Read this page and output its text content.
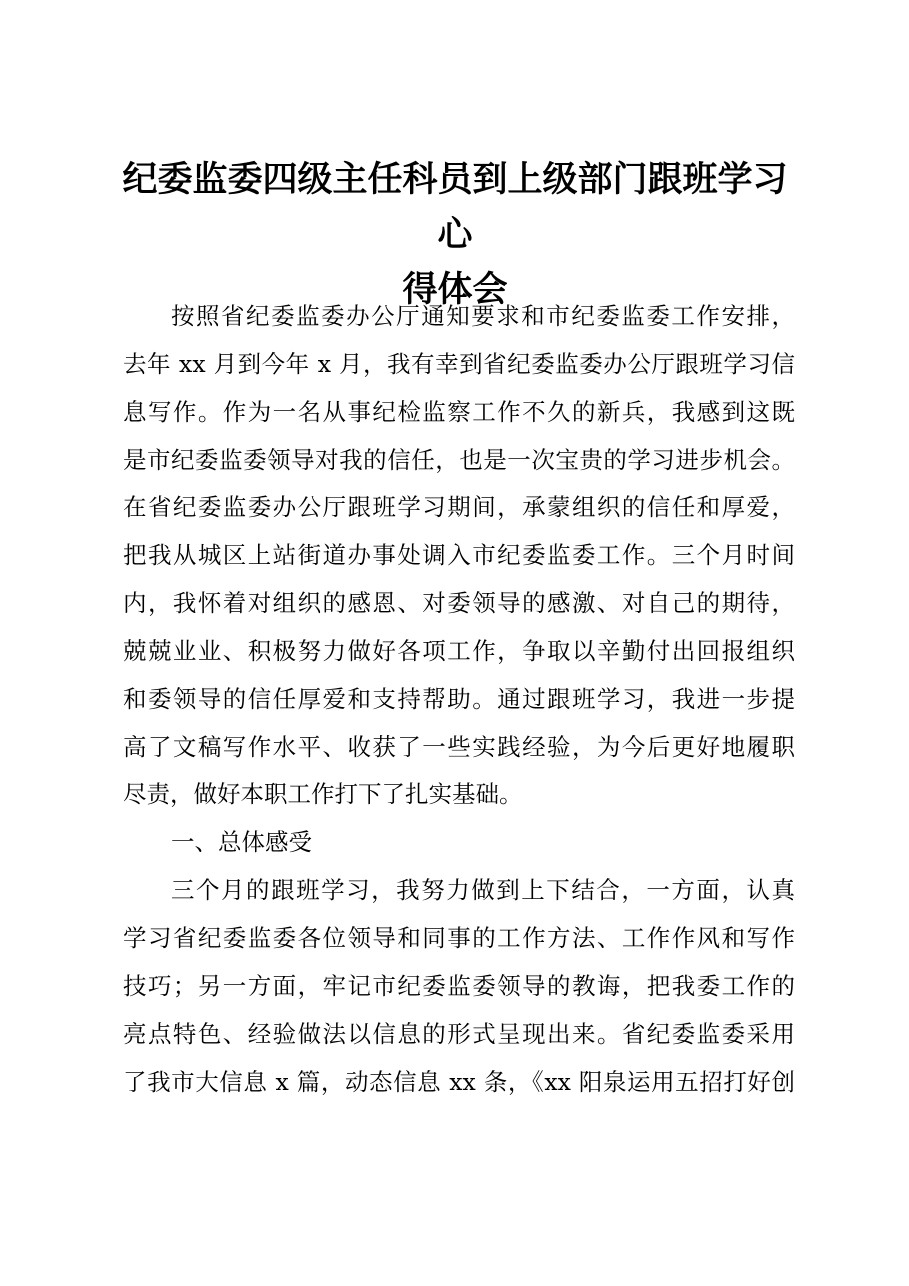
纪委监委四级主任科员到上级部门跟班学习心
得体会
按照省纪委监委办公厅通知要求和市纪委监委工作安排，
去年 xx 月到今年 x 月，我有幸到省纪委监委办公厅跟班学习信
息写作。作为一名从事纪检监察工作不久的新兵，我感到这既
是市纪委监委领导对我的信任，也是一次宝贵的学习进步机会。
在省纪委监委办公厅跟班学习期间，承蒙组织的信任和厚爱，
把我从城区上站街道办事处调入市纪委监委工作。三个月时间
内，我怀着对组织的感恩、对委领导的感激、对自己的期待，
兢兢业业、积极努力做好各项工作，争取以辛勤付出回报组织
和委领导的信任厚爱和支持帮助。通过跟班学习，我进一步提
高了文稿写作水平、收获了一些实践经验，为今后更好地履职
尽责，做好本职工作打下了扎实基础。
一、总体感受
三个月的跟班学习，我努力做到上下结合，一方面，认真
学习省纪委监委各位领导和同事的工作方法、工作作风和写作
技巧；另一方面，牢记市纪委监委领导的教诲，把我委工作的
亮点特色、经验做法以信息的形式呈现出来。省纪委监委采用
了我市大信息 x 篇，动态信息 xx 条，《xx 阳泉运用五招打好创
